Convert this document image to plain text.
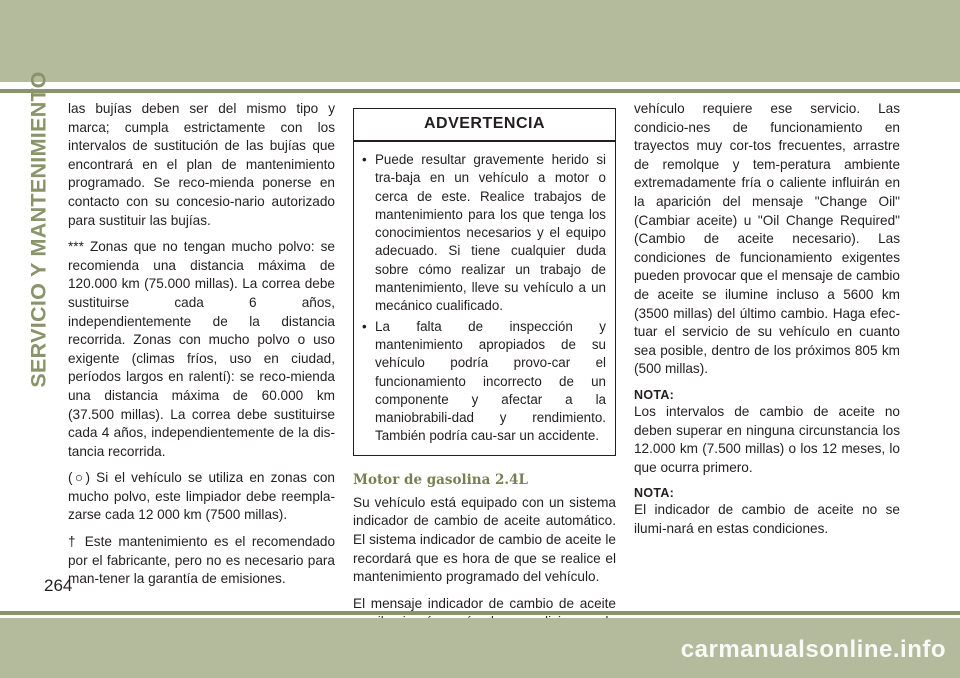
SERVICIO Y MANTENIMIENTO las bujías deben ser del mismo tipo y marca; cumpla estrictamente con los intervalos de sustitución de las bujías que encontrará en el plan de mantenimiento programado. Se reco-mienda ponerse en contacto con su concesio-nario autorizado para sustituir las bujías.

*** Zonas que no tengan mucho polvo: se recomienda una distancia máxima de 120.000 km (75.000 millas). La correa debe sustituirse cada 6 años, independientemente de la distancia recorrida. Zonas con mucho polvo o uso exigente (climas fríos, uso en ciudad, períodos largos en ralentí): se reco-mienda una distancia máxima de 60.000 km (37.500 millas). La correa debe sustituirse cada 4 años, independientemente de la dis-tancia recorrida.

(○) Si el vehículo se utiliza en zonas con mucho polvo, este limpiador debe reempla-zarse cada 12 000 km (7500 millas).

† Este mantenimiento es el recomendado por el fabricante, pero no es necesario para man-tener la garantía de emisiones.

ADVERTENCIA
• Puede resultar gravemente herido si tra-baja en un vehículo a motor o cerca de este. Realice trabajos de mantenimiento para los que tenga los conocimientos necesarios y el equipo adecuado. Si tiene cualquier duda sobre cómo realizar un trabajo de mantenimiento, lleve su vehículo a un mecánico cualificado.
• La falta de inspección y mantenimiento apropiados de su vehículo podría provo-car el funcionamiento incorrecto de un componente y afectar a la maniobrabili-dad y rendimiento. También podría cau-sar un accidente.
Motor de gasolina 2.4L

Su vehículo está equipado con un sistema indicador de cambio de aceite automático. El sistema indicador de cambio de aceite le recordará que es hora de que se realice el mantenimiento programado del vehículo.

El mensaje indicador de cambio de aceite

vehículo requiere ese servicio. Las condicio-nes de funcionamiento en trayectos muy cor-tos frecuentes, arrastre de remolque y tem-peratura ambiente extremadamente fría o caliente influirán en la aparición del mensaje "Change Oil" (Cambiar aceite) u "Oil Change Required" (Cambio de aceite necesario). Las condiciones de funcionamiento exigentes pueden provocar que el mensaje de cambio de aceite se ilumine incluso a 5600 km (3500 millas) del último cambio. Haga efec-tuar el servicio de su vehículo en cuanto sea posible, dentro de los próximos 805 km (500 millas).

NOTA:

Los intervalos de cambio de aceite no deben superar en ninguna circunstancia los 12.000 km (7.500 millas) o los 12 meses, lo que ocurra primero.

NOTA:

El indicador de cambio de aceite no se ilumi-nará en estas condiciones.

264
carmanualsonline.info
